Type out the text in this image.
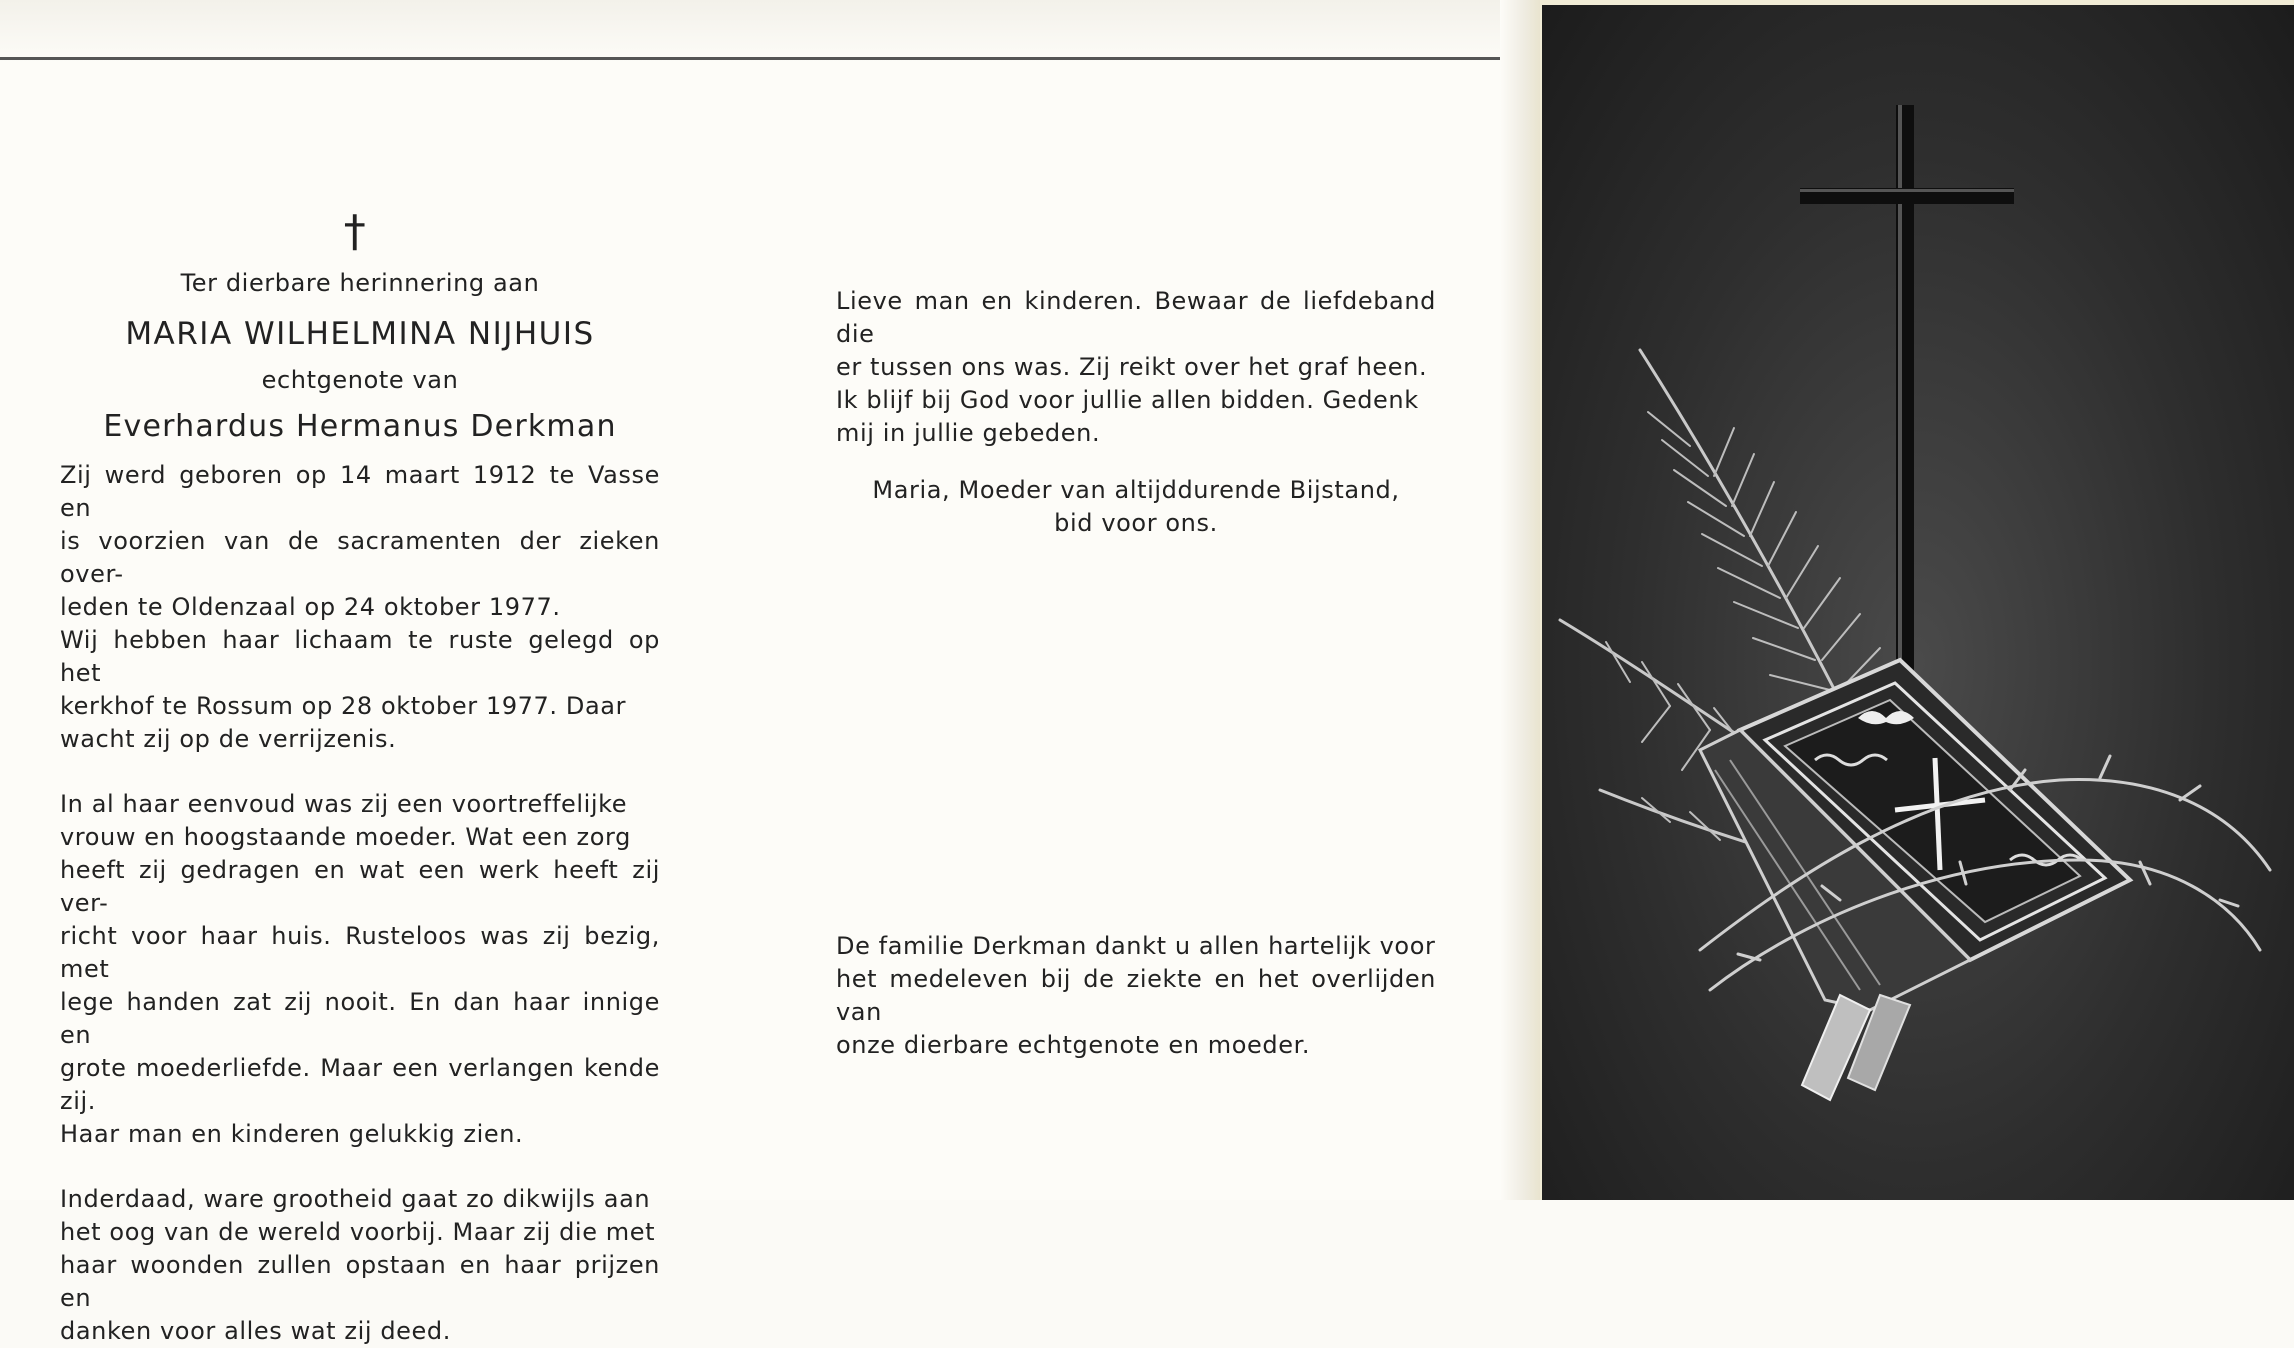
†

Ter dierbare herinnering aan

MARIA WILHELMINA NIJHUIS

echtgenote van

Everhardus Hermanus Derkman

Zij werd geboren op 14 maart 1912 te Vasse en

is voorzien van de sacramenten der zieken over-

leden te Oldenzaal op 24 oktober 1977.

Wij hebben haar lichaam te ruste gelegd op het

kerkhof te Rossum op 28 oktober 1977. Daar

wacht zij op de verrijzenis.

In al haar eenvoud was zij een voortreffelijke

vrouw en hoogstaande moeder. Wat een zorg

heeft zij gedragen en wat een werk heeft zij ver-

richt voor haar huis. Rusteloos was zij bezig, met

lege handen zat zij nooit. En dan haar innige en

grote moederliefde. Maar een verlangen kende zij.

Haar man en kinderen gelukkig zien.

Inderdaad, ware grootheid gaat zo dikwijls aan

het oog van de wereld voorbij. Maar zij die met

haar woonden zullen opstaan en haar prijzen en

danken voor alles wat zij deed.

Lieve man en kinderen. Bewaar de liefdeband die

er tussen ons was. Zij reikt over het graf heen.

Ik blijf bij God voor jullie allen bidden. Gedenk

mij in jullie gebeden.

Maria, Moeder van altijddurende Bijstand,

bid voor ons.

De familie Derkman dankt u allen hartelijk voor

het medeleven bij de ziekte en het overlijden van

onze dierbare echtgenote en moeder.
